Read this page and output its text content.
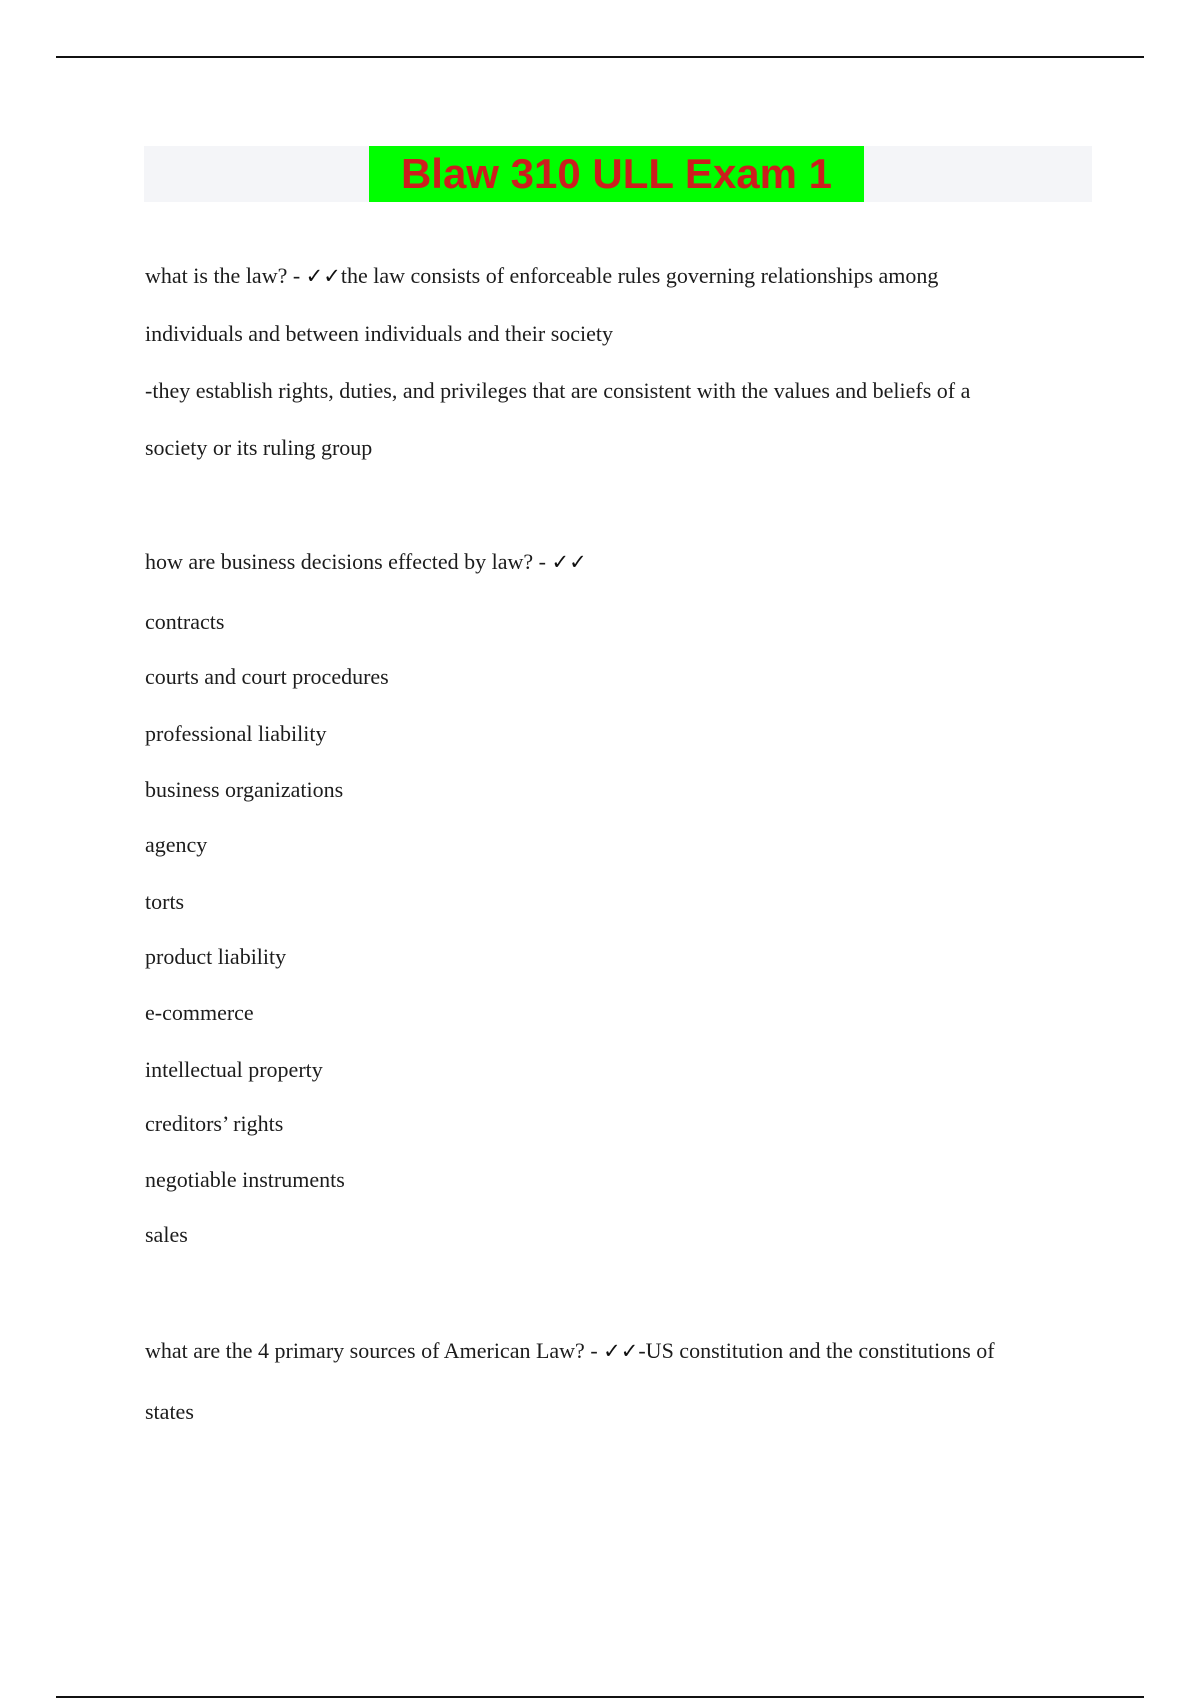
Blaw 310 ULL Exam 1
what is the law? - ✓✓the law consists of enforceable rules governing relationships among
individuals and between individuals and their society
-they establish rights, duties, and privileges that are consistent with the values and beliefs of a
society or its ruling group
how are business decisions effected by law? - ✓✓
contracts
courts and court procedures
professional liability
business organizations
agency
torts
product liability
e-commerce
intellectual property
creditors’ rights
negotiable instruments
sales
what are the 4 primary sources of American Law? - ✓✓-US constitution and the constitutions of
states
